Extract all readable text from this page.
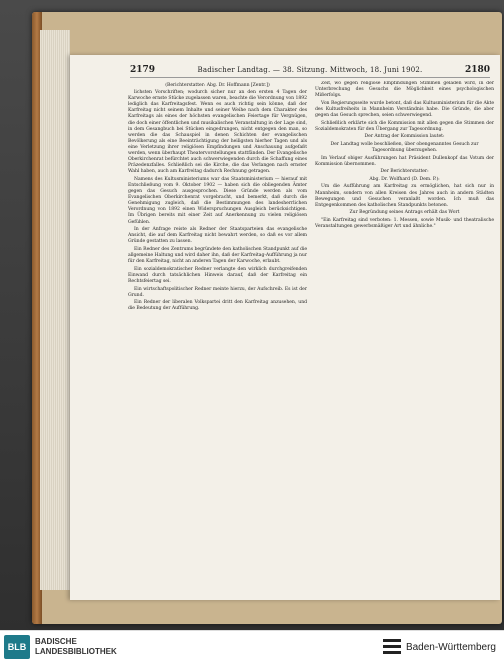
2179	Badischer Landtag. — 38. Sitzung. Mittwoch, 18. Juni 1902.	2180

(Berichterstatter: Abg. Dr. Hoffmann [Zentr.])

lichsten Vorschriften; wodurch sicher nur an den ersten 4 Tagen der Karwoche ernste Stücke zugelassen waren, beachte die Verordnung von 1892 lediglich das Karfreitagsfest. Wenn es auch richtig sein könne, daß der Karfreitag nicht seinem Inhalte und seiner Weihe nach dem Charakter des Karfreitags als eines der höchsten evangelischen Feiertage für Vergnügen, die doch einer öffentlichen und musikalischen Veranstaltung in der Lage sind, in dem Gesangbuch bei Stücken eingedrungen, nicht entgegen den man, so werden die das Schauspiel in denen Schichten der evangelischen Bevölkerung als eine Beeinträchtigung der heiligsten hierher Tagen und als eine Verletzung ihrer religiösen Empfindungen und Anschauung aufgefaßt werden, wenn überhaupt Theatervorstellungen stattfänden. Der Evangelische Oberkirchenrat befürchtet auch schwerwiegenden durch die Schaffung eines Präzedenzfalles. Schließlich sei die Kirche, die das Verlangen nach ernster Wahl haben, auch am Karfreitag dadurch Rechnung getragen.

Namens des Kultusministeriums war das Staatsministerium — hierauf mit Entschließung vom 9. Oktober 1902 — haben sich die obliegenden Ämter gegen das Gesuch ausgesprochen. Diese Gründe werden als vom Evangelischen Oberkirchenrat vorgebracht, und bemerkt, daß durch die Genehmigung zugleich, daß die Bestimmungen des landesherrlichen Verordnung von 1892 einen Widerspruchungen Ausgleich berücksichtigen. Im Übrigen bereits mit einer Zeit auf Anerkennung zu vielen religiösen Gefühlen.

In der Anfrage reiste als Redner der Staatsparteien das evangelische Ansicht, die auf dem Karfreitag nicht bewahrt werden, so daß es vor allem Gründe gestatten zu lassen.

Ein Redner des Zentrums begründete den katholischen Standpunkt auf die allgemeine Haltung und wird daher ihn, daß der Karfreitag-Aufführung ja nur für den Karfreitag, nicht an anderen Tagen der Karwoche, erlaubt.

Ein sozialdemokratischer Redner verlangte den wirklich durchgreifenden Einwand durch tatsächlichen Hinweis darauf, daß der Karfreitag ein Rechtsfeiertag sei.

Ein wirtschaftspolitischer Redner meinte hierzu, der Aufschreib. Es ist der Grund.

Ein Redner der liberalen Volkspartei dritt den Karfreitag anzusehen, und die Bedeutung der Aufführung.

Zeit, wo gegen religiöse Empfindungen Stimmen geladen wird, in der Unterbrechung des Gesuchs die Möglichkeit eines psychologischen Mißerfolgs.

Von Regierungsseite wurde betont, daß das Kultusministerium für die Akte des Kultusfreiheits in Mannheim Verständnis habe. Die Gründe, die aber gegen das Gesuch sprechen, seien schwerwiegend.

Schließlich erklärte sich die Kommission mit allen gegen die Stimmen der Sozialdemokraten für den Übergang zur Tagesordnung.

Der Antrag der Kommission lautet:

Der Landtag wolle beschließen, über obengenanntes Gesuch zur Tagesordnung überzugehen.

Im Verlauf obiger Ausführungen hat Präsident Dullenkopf das Votum der Kommission übernommen.

Der Berichterstatter:

Abg. Dr. Wolfhard (D. Dem. P.):

Um die Aufführung am Karfreitag zu ermöglichen, hat sich nur in Mannheim, sondern von allen Kreisen des Jahres auch in andern Städten Bewegungen und Gesuchen veranlaßt worden. Ich muß das Entgegenkommen des katholischen Standpunkts betonen.

Zur Begründung seines Antrags erhält das Wort

"Ein Karfreitag sind verboten: 1. Messen, sowie Musik- und theatralische Veranstaltungen gewerbsmäßiger Art und ähnliche."

BLB
BADISCHE
LANDESBIBLIOTHEK	Baden-Württemberg
